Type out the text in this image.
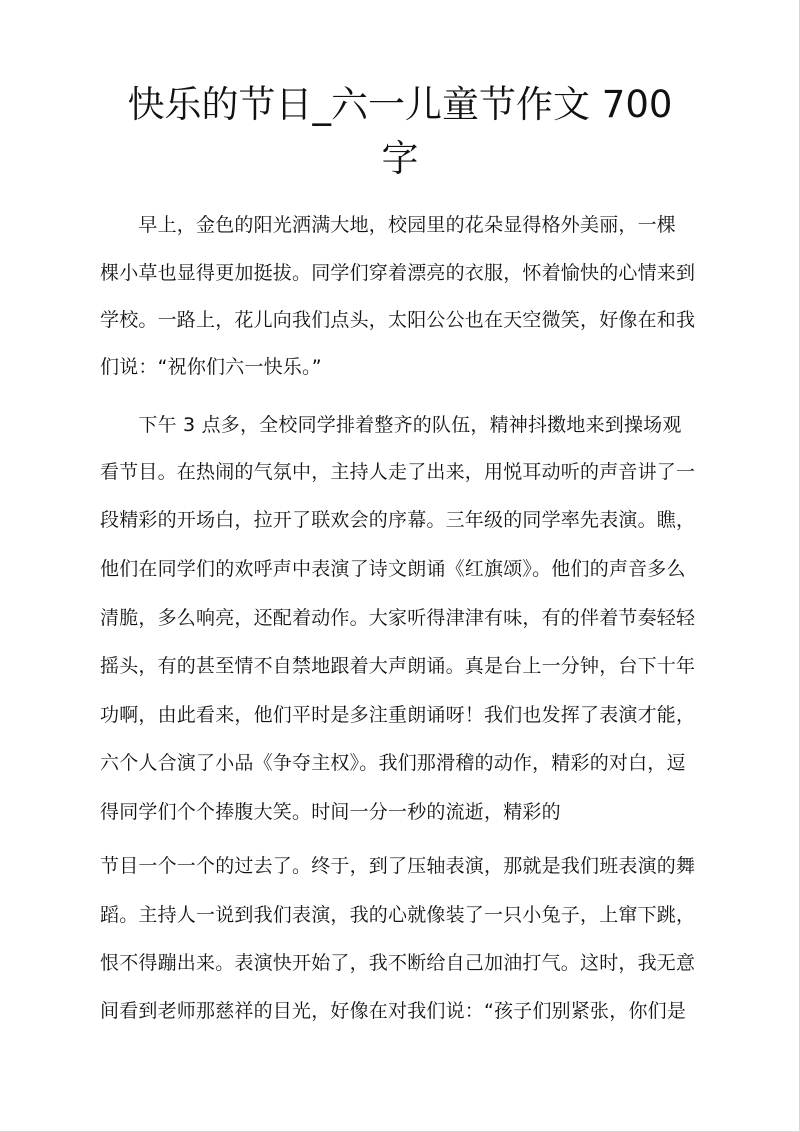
快乐的节日_六一儿童节作文 700
字
　　早上，金色的阳光洒满大地，校园里的花朵显得格外美丽，一棵
棵小草也显得更加挺拔。同学们穿着漂亮的衣服，怀着愉快的心情来到
学校。一路上，花儿向我们点头，太阳公公也在天空微笑，好像在和我
们说：“祝你们六一快乐。”
　　下午 3 点多，全校同学排着整齐的队伍，精神抖擞地来到操场观
看节目。在热闹的气氛中，主持人走了出来，用悦耳动听的声音讲了一
段精彩的开场白，拉开了联欢会的序幕。三年级的同学率先表演。瞧，
他们在同学们的欢呼声中表演了诗文朗诵《红旗颂》。他们的声音多么
清脆，多么响亮，还配着动作。大家听得津津有味，有的伴着节奏轻轻
摇头，有的甚至情不自禁地跟着大声朗诵。真是台上一分钟，台下十年
功啊，由此看来，他们平时是多注重朗诵呀！我们也发挥了表演才能，
六个人合演了小品《争夺主权》。我们那滑稽的动作，精彩的对白，逗
得同学们个个捧腹大笑。时间一分一秒的流逝，精彩的
节目一个一个的过去了。终于，到了压轴表演，那就是我们班表演的舞
蹈。主持人一说到我们表演，我的心就像装了一只小兔子，上窜下跳，
恨不得蹦出来。表演快开始了，我不断给自己加油打气。这时，我无意
间看到老师那慈祥的目光，好像在对我们说：“孩子们别紧张，你们是
